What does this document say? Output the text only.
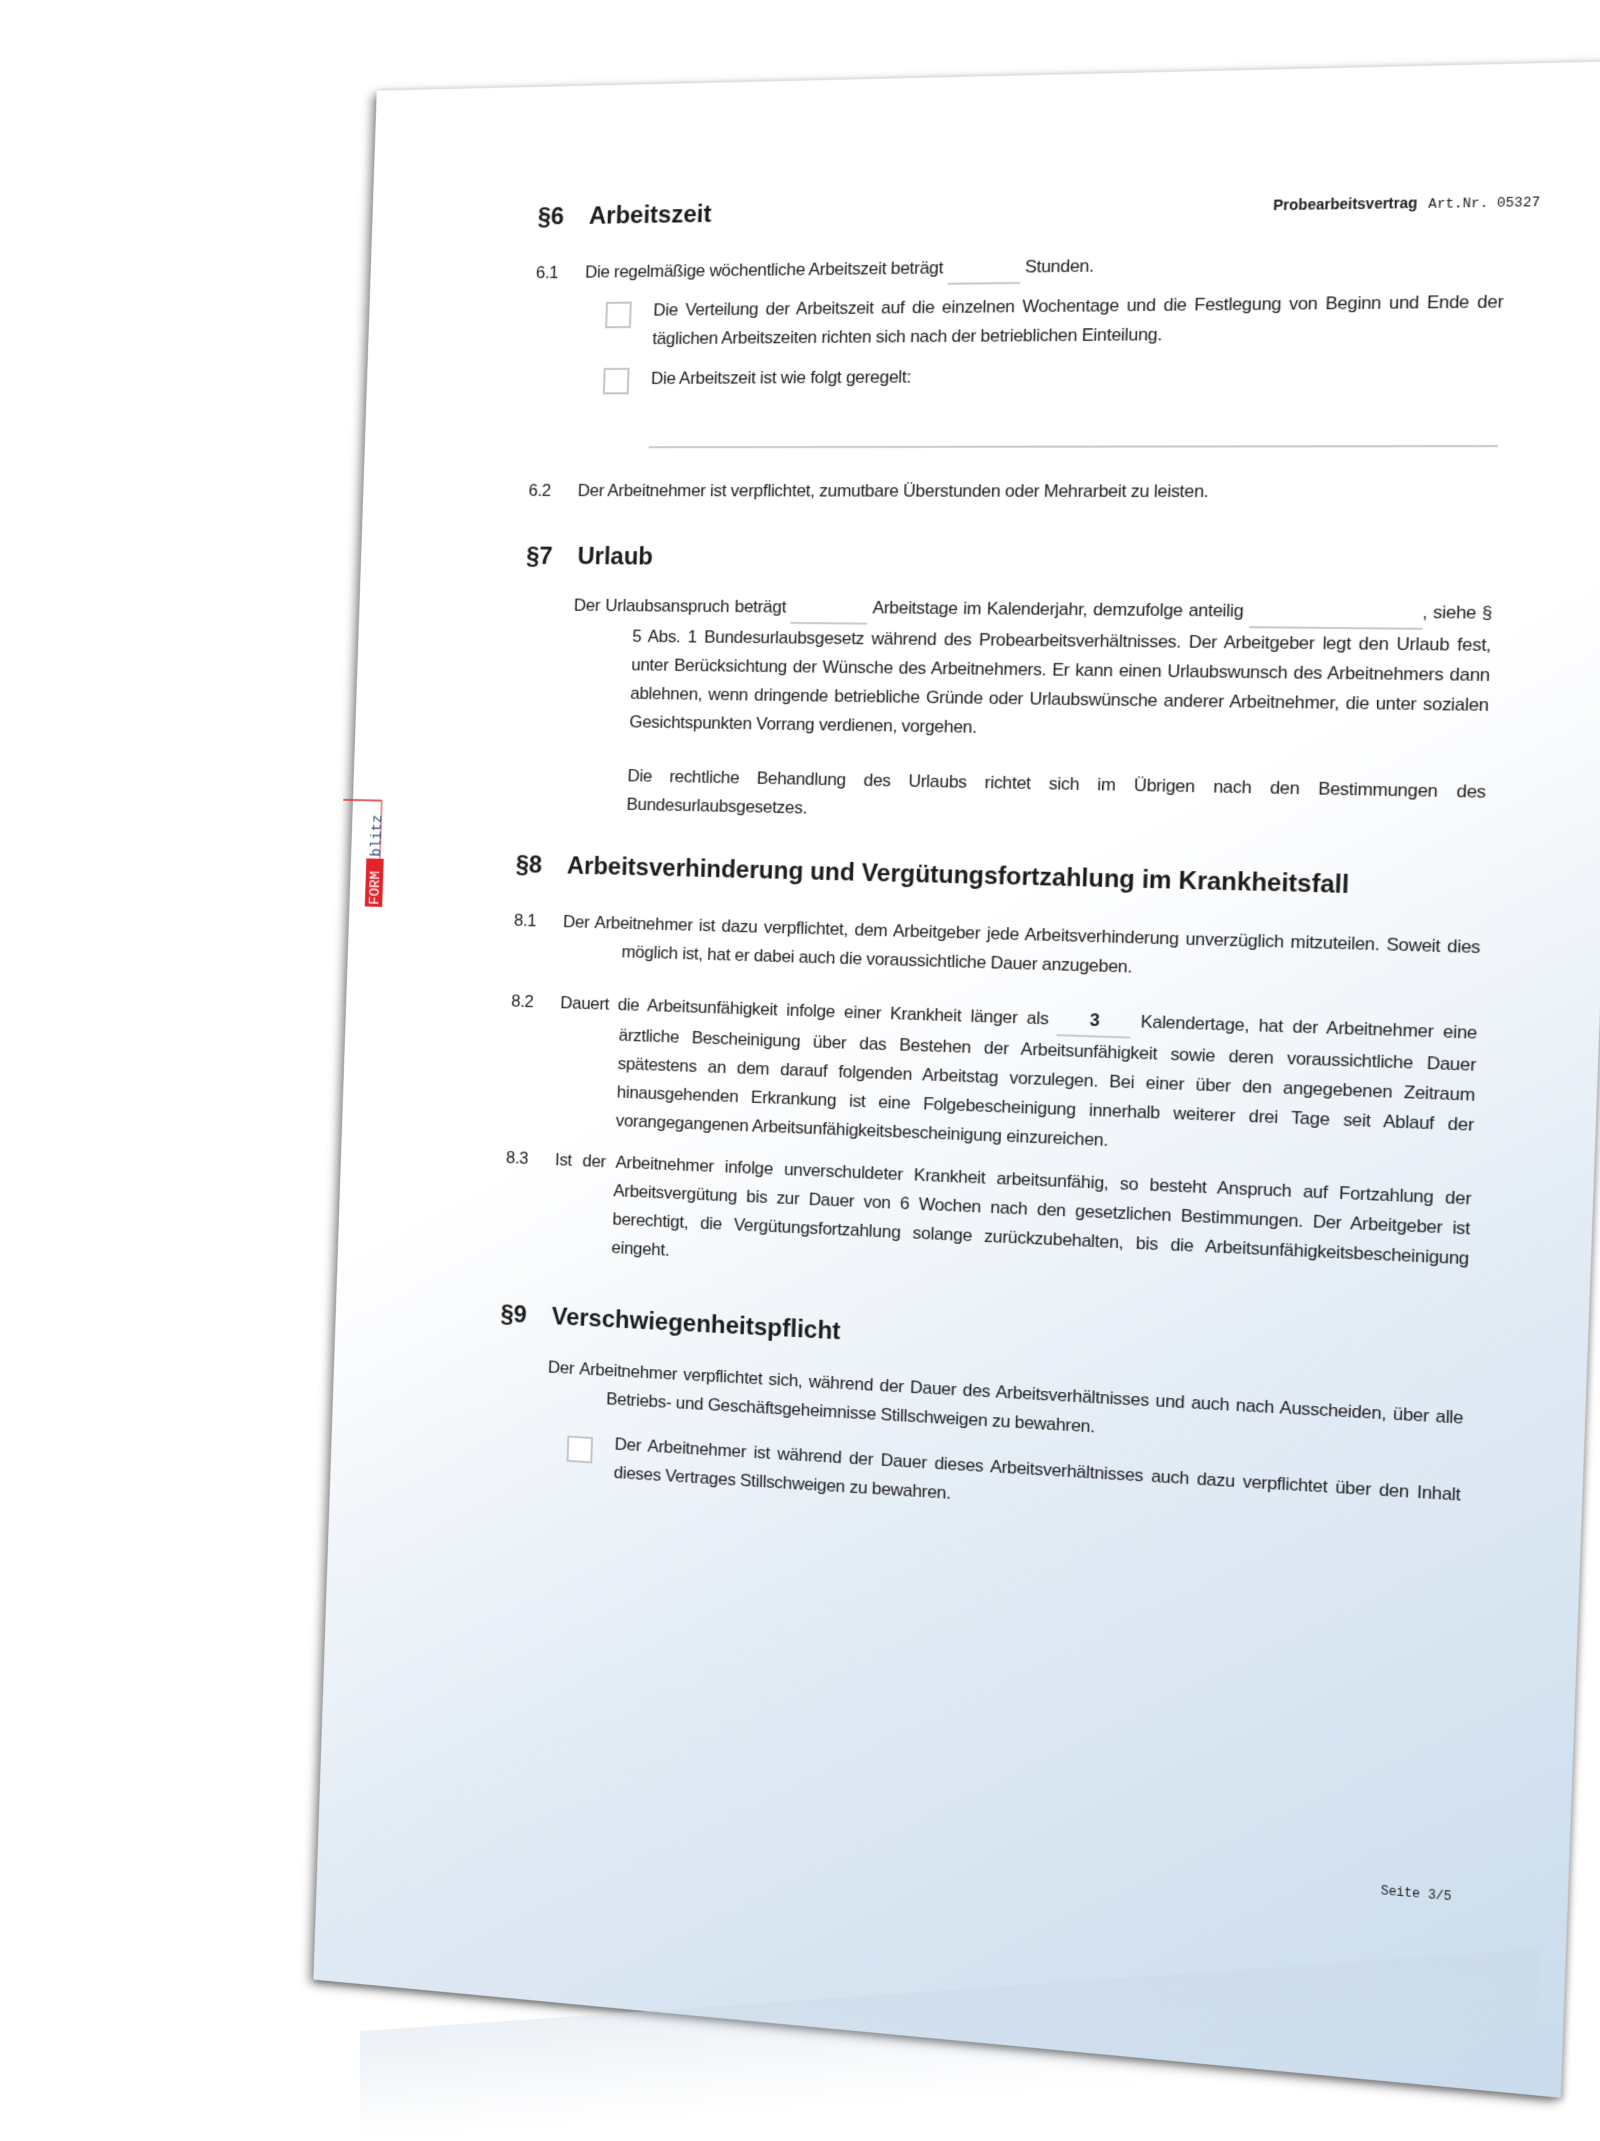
Probearbeitsvertrag Art.Nr. 05327
FORM
blitz
§6 Arbeitszeit
6.1 Die regelmäßige wöchentliche Arbeitszeit beträgt	Stunden.
Die Verteilung der Arbeitszeit auf die einzelnen Wochentage und die Festlegung von Beginn und Ende der täglichen Arbeitszeiten richten sich nach der betrieblichen Einteilung.
Die Arbeitszeit ist wie folgt geregelt:
6.2 Der Arbeitnehmer ist verpflichtet, zumutbare Überstunden oder Mehrarbeit zu leisten.
§7 Urlaub
Der Urlaubsanspruch beträgt	Arbeitstage im Kalenderjahr, demzufolge anteilig	, siehe § 5 Abs. 1 Bundesurlaubsgesetz während des Probearbeitsverhältnisses. Der Arbeitgeber legt den Urlaub fest, unter Berücksichtung der Wünsche des Arbeitnehmers. Er kann einen Urlaubswunsch des Arbeitnehmers dann ablehnen, wenn dringende betriebliche Gründe oder Urlaubswünsche anderer Arbeitnehmer, die unter sozialen Gesichtspunkten Vorrang verdienen, vorgehen.
Die rechtliche Behandlung des Urlaubs richtet sich im Übrigen nach den Bestimmungen des Bundesurlaubsgesetzes.
§8 Arbeitsverhinderung und Vergütungsfortzahlung im Krankheitsfall
8.1 Der Arbeitnehmer ist dazu verpflichtet, dem Arbeitgeber jede Arbeitsverhinderung unverzüglich mitzuteilen. Soweit dies möglich ist, hat er dabei auch die voraussichtliche Dauer anzugeben.
8.2 Dauert die Arbeitsunfähigkeit infolge einer Krankheit länger als 3 Kalendertage, hat der Arbeitnehmer eine ärztliche Bescheinigung über das Bestehen der Arbeitsunfähigkeit sowie deren voraussichtliche Dauer spätestens an dem darauf folgenden Arbeitstag vorzulegen. Bei einer über den angegebenen Zeitraum hinausgehenden Erkrankung ist eine Folgebescheinigung innerhalb weiterer drei Tage seit Ablauf der vorangegangenen Arbeitsunfähigkeitsbescheinigung einzureichen.
8.3 Ist der Arbeitnehmer infolge unverschuldeter Krankheit arbeitsunfähig, so besteht Anspruch auf Fortzahlung der Arbeitsvergütung bis zur Dauer von 6 Wochen nach den gesetzlichen Bestimmungen. Der Arbeitgeber ist berechtigt, die Vergütungsfortzahlung solange zurückzubehalten, bis die Arbeitsunfähigkeitsbescheinigung eingeht.
§9 Verschwiegenheitspflicht
Der Arbeitnehmer verpflichtet sich, während der Dauer des Arbeitsverhältnisses und auch nach Ausscheiden, über alle Betriebs- und Geschäftsgeheimnisse Stillschweigen zu bewahren.
Der Arbeitnehmer ist während der Dauer dieses Arbeitsverhältnisses auch dazu verpflichtet über den Inhalt dieses Vertrages Stillschweigen zu bewahren.
Seite 3/5
